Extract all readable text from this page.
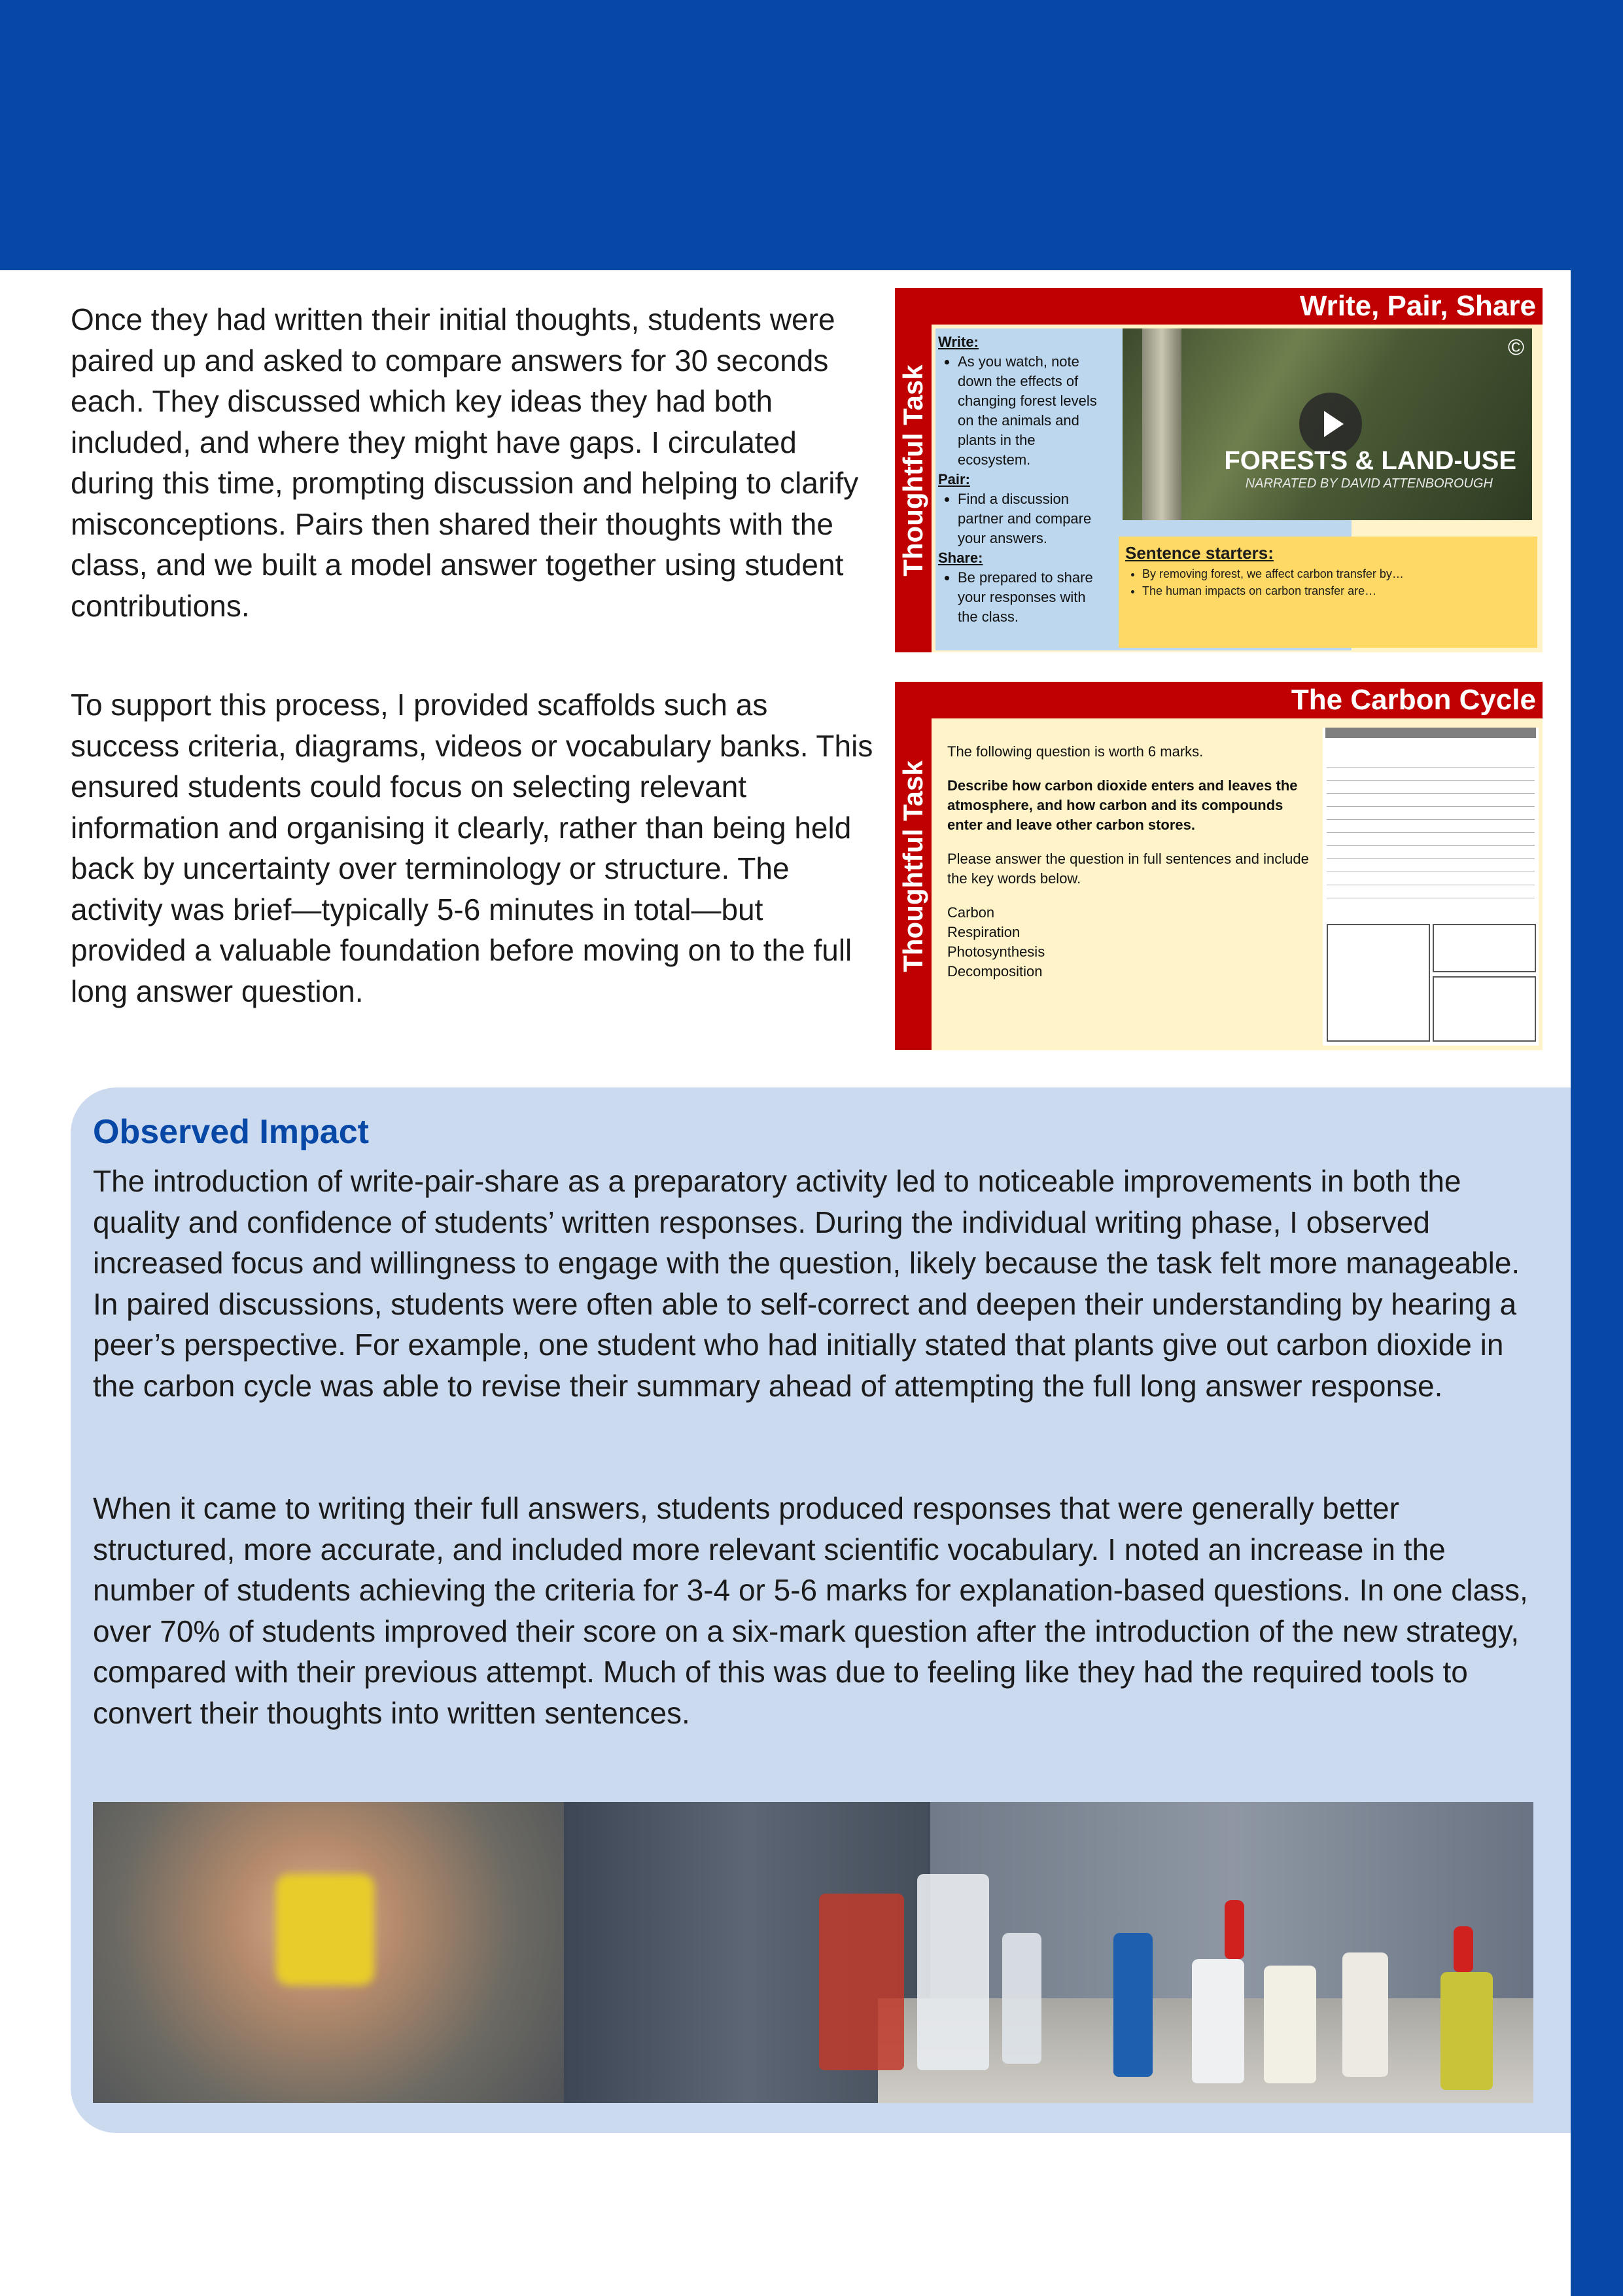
Once they had written their initial thoughts, students were paired up and asked to compare answers for 30 seconds each. They discussed which key ideas they had both included, and where they might have gaps. I circulated during this time, prompting discussion and helping to clarify misconceptions. Pairs then shared their thoughts with the class, and we built a model answer together using student contributions.

To support this process, I provided scaffolds such as success criteria, diagrams, videos or vocabulary banks. This ensured students could focus on selecting relevant information and organising it clearly, rather than being held back by uncertainty over terminology or structure. The activity was brief—typically 5-6 minutes in total—but provided a valuable foundation before moving on to the full long answer question.

Thoughtful Task
Write, Pair, Share
Write:
• As you watch, note down the effects of changing forest levels on the animals and plants in the ecosystem.
Pair:
• Find a discussion partner and compare your answers.
Share:
• Be prepared to share your responses with the class.
©
FORESTS & LAND-USE
NARRATED BY DAVID ATTENBOROUGH
Sentence starters:
• By removing forest, we affect carbon transfer by…
• The human impacts on carbon transfer are…
Thoughtful Task
The Carbon Cycle

The following question is worth 6 marks.

Describe how carbon dioxide enters and leaves the atmosphere, and how carbon and its compounds enter and leave other carbon stores.

Please answer the question in full sentences and include the key words below.

Carbon
Respiration
Photosynthesis
Decomposition
Observed Impact

The introduction of write-pair-share as a preparatory activity led to noticeable improvements in both the quality and confidence of students’ written responses. During the individual writing phase, I observed increased focus and willingness to engage with the question, likely because the task felt more manageable. In paired discussions, students were often able to self-correct and deepen their understanding by hearing a peer’s perspective. For example, one student who had initially stated that plants give out carbon dioxide in the carbon cycle was able to revise their summary ahead of attempting the full long answer response.

When it came to writing their full answers, students produced responses that were generally better structured, more accurate, and included more relevant scientific vocabulary. I noted an increase in the number of students achieving the criteria for 3-4 or 5-6 marks for explanation-based questions. In one class, over 70% of students improved their score on a six-mark question after the introduction of the new strategy, compared with their previous attempt. Much of this was due to feeling like they had the required tools to convert their thoughts into written sentences.
